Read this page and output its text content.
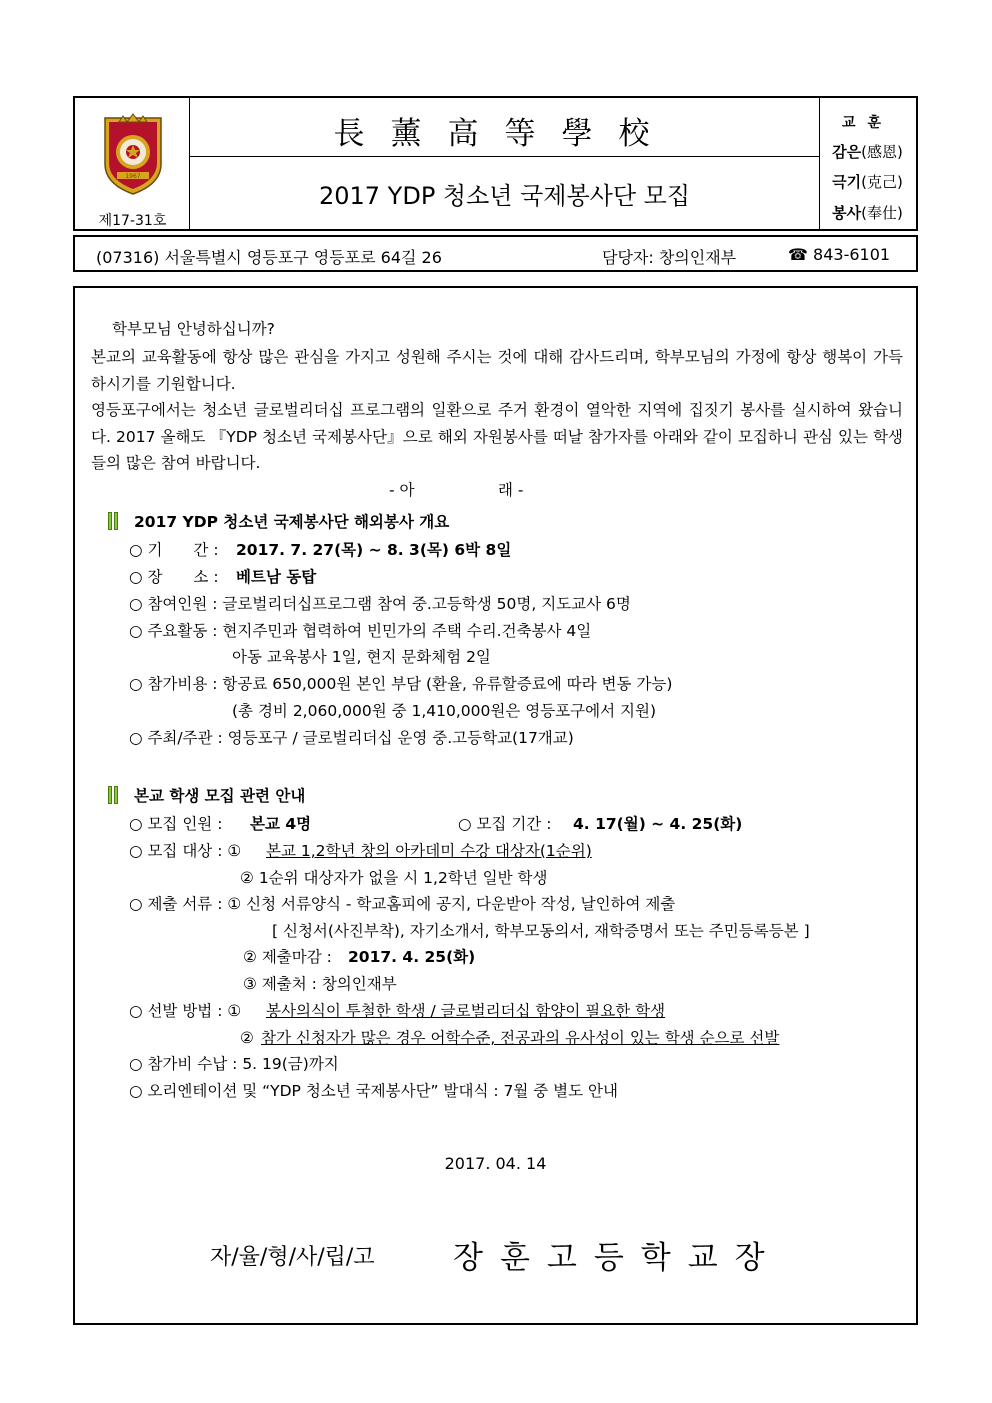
1967
제17-31호
長薰高等學校
2017 YDP 청소년 국제봉사단 모집
교훈
감은(感恩)
극기(克己)
봉사(奉仕)
(07316) 서울특별시 영등포구 영등포로 64길 26	담당자: 창의인재부	☎ 843-6101
학부모님 안녕하십니까?
본교의 교육활동에 항상 많은 관심을 가지고 성원해 주시는 것에 대해 감사드리며, 학부모님의 가정에 항상 행복이 가득하시기를 기원합니다.
영등포구에서는 청소년 글로벌리더십 프로그램의 일환으로 주거 환경이 열악한 지역에 집짓기 봉사를 실시하여 왔습니다. 2017 올해도 『YDP 청소년 국제봉사단』으로 해외 자원봉사를 떠날 참가자를 아래와 같이 모집하니 관심 있는 학생들의 많은 참여 바랍니다.
- 아	래 -
2017 YDP 청소년 국제봉사단 해외봉사 개요
○ 기　　간 : 2017. 7. 27(목) ~ 8. 3(목) 6박 8일
○ 장　　소 : 베트남 동탑
○ 참여인원 : 글로벌리더십프로그램 참여 중.고등학생 50명, 지도교사 6명
○ 주요활동 : 현지주민과 협력하여 빈민가의 주택 수리.건축봉사 4일
아동 교육봉사 1일, 현지 문화체험 2일
○ 참가비용 : 항공료 650,000원 본인 부담 (환율, 유류할증료에 따라 변동 가능)
(총 경비 2,060,000원 중 1,410,000원은 영등포구에서 지원)
○ 주최/주관 : 영등포구 / 글로벌리더십 운영 중.고등학교(17개교)
본교 학생 모집 관련 안내
○ 모집 인원 : 본교 4명	○ 모집 기간 : 4. 17(월) ~ 4. 25(화)
○ 모집 대상 : ① 본교 1,2학년 창의 아카데미 수강 대상자(1순위)
② 1순위 대상자가 없을 시 1,2학년 일반 학생
○ 제출 서류 : ① 신청 서류양식 - 학교홈피에 공지, 다운받아 작성, 날인하여 제출
[ 신청서(사진부착), 자기소개서, 학부모동의서, 재학증명서 또는 주민등록등본 ]
② 제출마감 : 2017. 4. 25(화)
③ 제출처 : 창의인재부
○ 선발 방법 : ① 봉사의식이 투철한 학생 / 글로벌리더십 함양이 필요한 학생
② 참가 신청자가 많은 경우 어학수준, 전공과의 유사성이 있는 학생 순으로 선발
○ 참가비 수납 : 5. 19(금)까지
○ 오리엔테이션 및 “YDP 청소년 국제봉사단” 발대식 : 7월 중 별도 안내
2017. 04. 14
자/율/형/사/립/고	장훈고등학교장
